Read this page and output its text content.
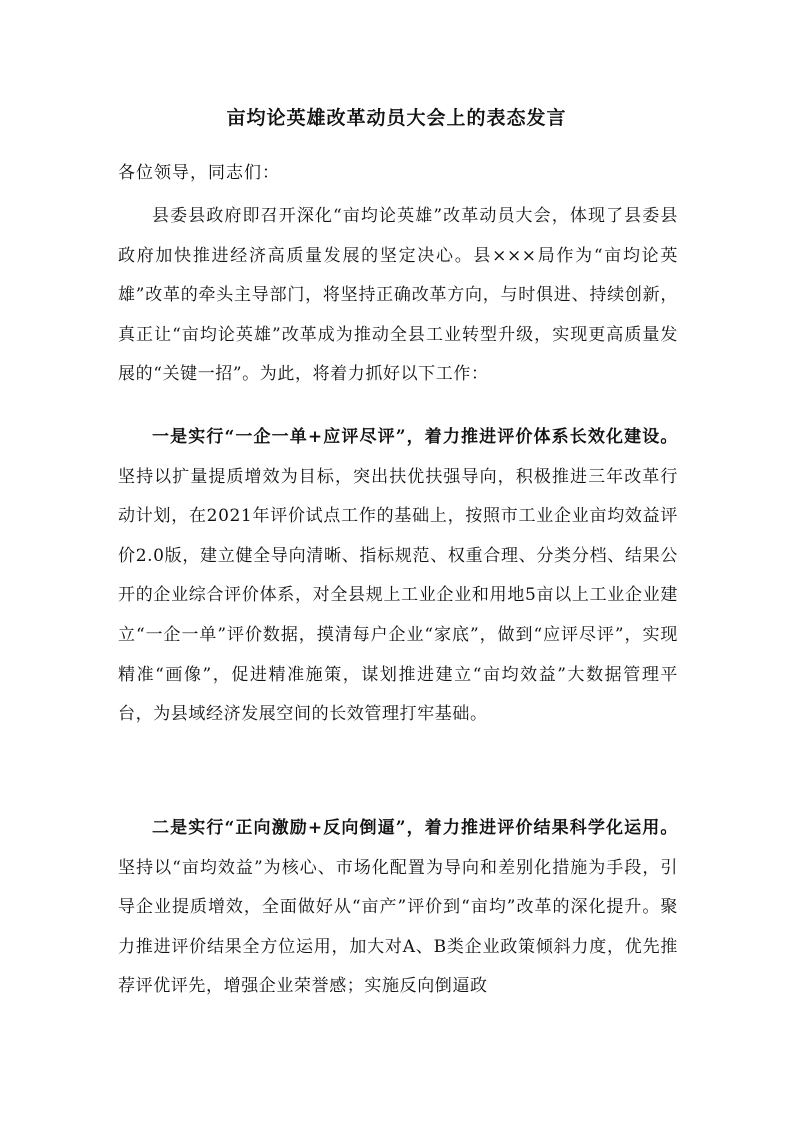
亩均论英雄改革动员大会上的表态发言
各位领导，同志们：

县委县政府即召开深化“亩均论英雄”改革动员大会，体现了县委县政府加快推进经济高质量发展的坚定决心。县×××局作为“亩均论英雄”改革的牵头主导部门，将坚持正确改革方向，与时俱进、持续创新，真正让“亩均论英雄”改革成为推动全县工业转型升级，实现更高质量发展的“关键一招”。为此，将着力抓好以下工作：

一是实行“一企一单+应评尽评”，着力推进评价体系长效化建设。坚持以扩量提质增效为目标，突出扶优扶强导向，积极推进三年改革行动计划，在2021年评价试点工作的基础上，按照市工业企业亩均效益评价2.0版，建立健全导向清晰、指标规范、权重合理、分类分档、结果公开的企业综合评价体系，对全县规上工业企业和用地5亩以上工业企业建立“一企一单”评价数据，摸清每户企业“家底”，做到“应评尽评”，实现精准“画像”，促进精准施策，谋划推进建立“亩均效益”大数据管理平台，为县域经济发展空间的长效管理打牢基础。

二是实行“正向激励+反向倒逼”，着力推进评价结果科学化运用。坚持以“亩均效益”为核心、市场化配置为导向和差别化措施为手段，引导企业提质增效，全面做好从“亩产”评价到“亩均”改革的深化提升。聚力推进评价结果全方位运用，加大对A、B类企业政策倾斜力度，优先推荐评优评先，增强企业荣誉感；实施反向倒逼政
